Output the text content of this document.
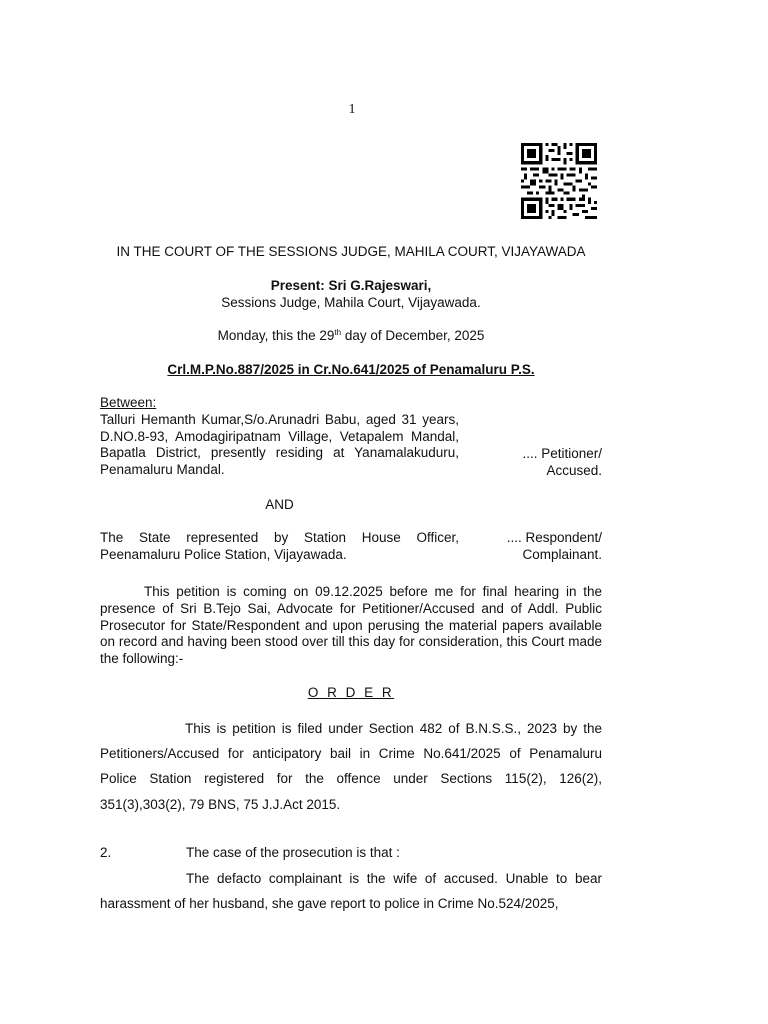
1
IN THE COURT OF THE SESSIONS JUDGE, MAHILA COURT, VIJAYAWADA
Present: Sri G.Rajeswari,
Sessions Judge, Mahila Court, Vijayawada.
Monday, this the 29th day of December, 2025
Crl.M.P.No.887/2025 in Cr.No.641/2025 of Penamaluru P.S.
Between:
Talluri Hemanth Kumar,S/o.Arunadri Babu, aged 31 years, D.NO.8-93, Amodagiripatnam Village, Vetapalem Mandal, Bapatla District, presently residing at Yanamalakuduru, Penamaluru Mandal.
.... Petitioner/
Accused.
AND
The State represented by Station House Officer, Peenamaluru Police Station, Vijayawada.
.... Respondent/
Complainant.
This petition is coming on 09.12.2025 before me for final hearing in the presence of Sri B.Tejo Sai, Advocate for Petitioner/Accused and of Addl. Public Prosecutor for State/Respondent and upon perusing the material papers available on record and having been stood over till this day for consideration, this Court made the following:-
O R D E R
This is petition is filed under Section 482 of B.N.S.S., 2023 by the Petitioners/Accused for anticipatory bail in Crime No.641/2025 of Penamaluru Police Station registered for the offence under Sections 115(2), 126(2), 351(3),303(2), 79 BNS, 75 J.J.Act 2015.
2.	The case of the prosecution is that :
The defacto complainant is the wife of accused. Unable to bear harassment of her husband, she gave report to police in Crime No.524/2025,
